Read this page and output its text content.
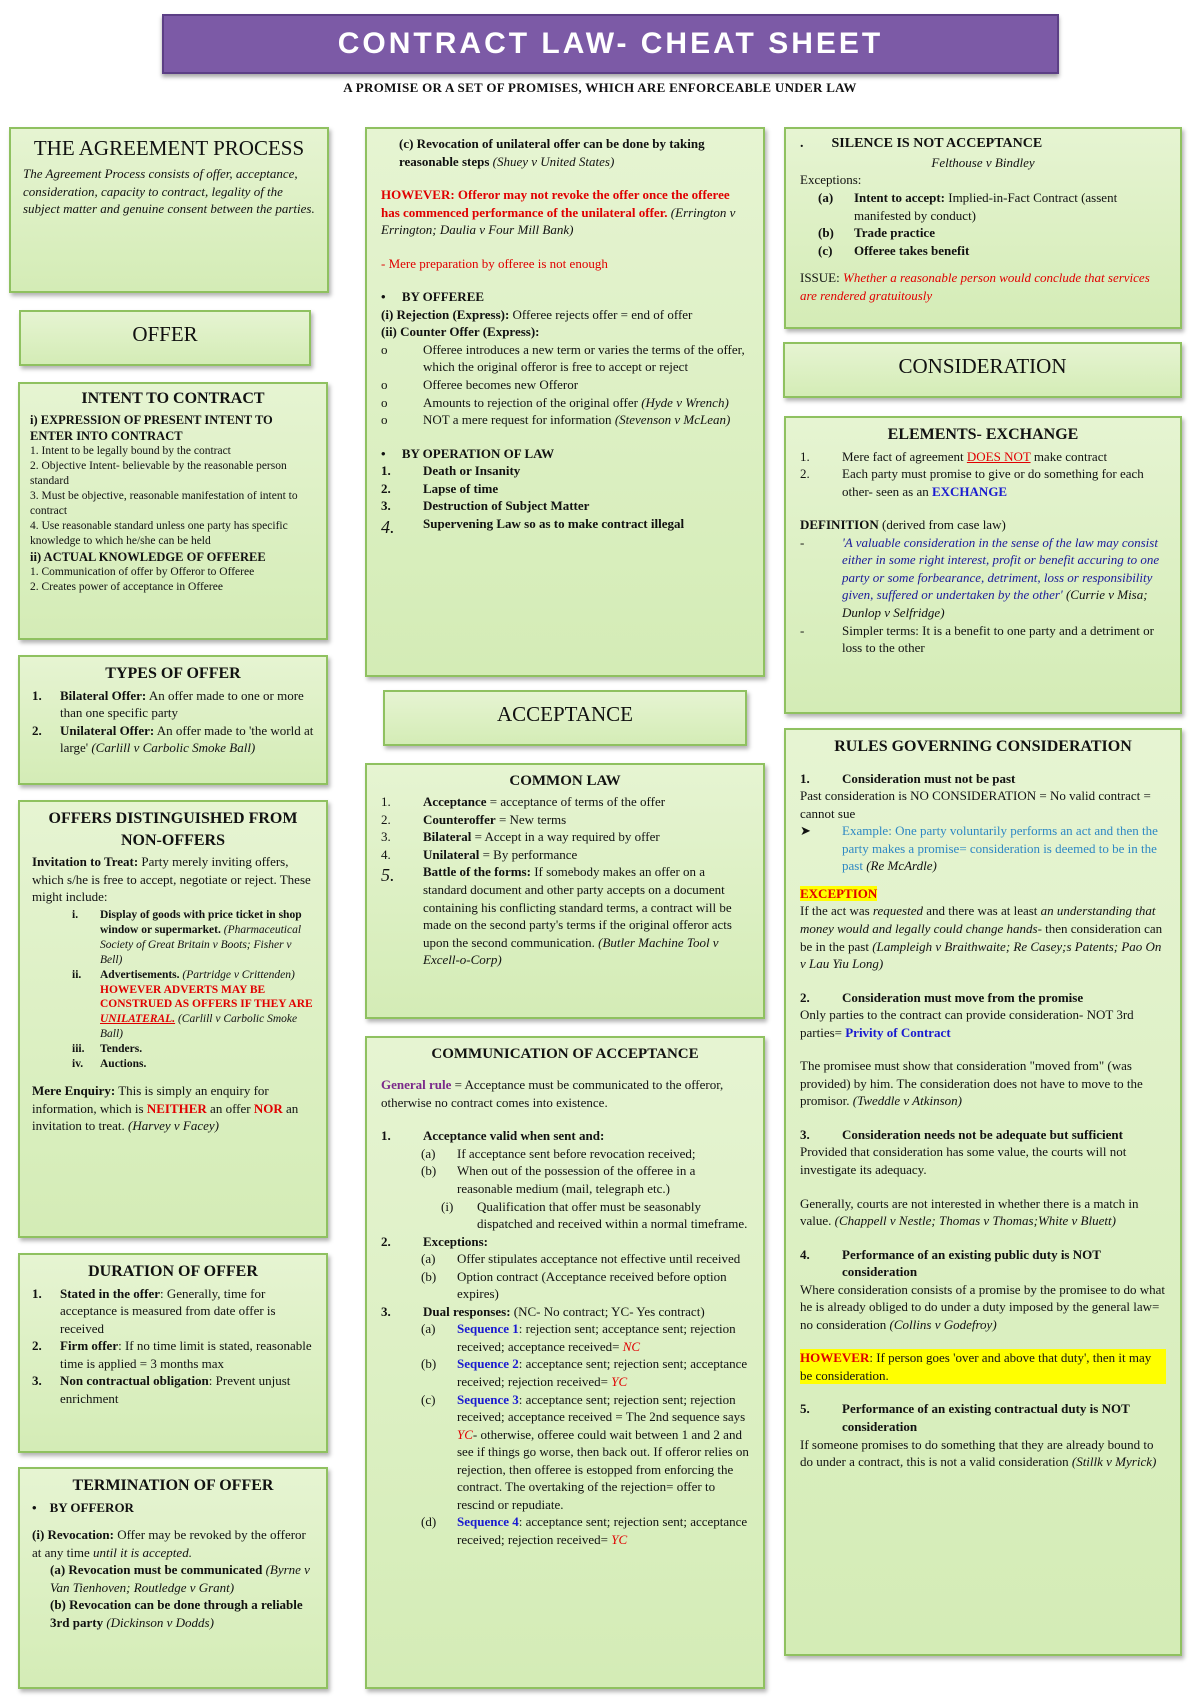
CONTRACT LAW- CHEAT SHEET
A PROMISE OR A SET OF PROMISES, WHICH ARE ENFORCEABLE UNDER LAW
THE AGREEMENT PROCESS
The Agreement Process consists of offer, acceptance, consideration, capacity to contract, legality of the subject matter and genuine consent between the parties.
OFFER
INTENT TO CONTRACT
i) EXPRESSION OF PRESENT INTENT TO ENTER INTO CONTRACT
1. Intent to be legally bound by the contract
2. Objective Intent- believable by the reasonable person standard
3. Must be objective, reasonable manifestation of intent to contract
4. Use reasonable standard unless one party has specific knowledge to which he/she can be held
ii) ACTUAL KNOWLEDGE OF OFFEREE
1. Communication of offer by Offeror to Offeree
2. Creates power of acceptance in Offeree
TYPES OF OFFER
1.	Bilateral Offer: An offer made to one or more than one specific party
2.	Unilateral Offer: An offer made to 'the world at large' (Carlill v Carbolic Smoke Ball)
OFFERS DISTINGUISHED FROM NON-OFFERS
Invitation to Treat: Party merely inviting offers, which s/he is free to accept, negotiate or reject. These might include:
i.	Display of goods with price ticket in shop window or supermarket. (Pharmaceutical Society of Great Britain v Boots; Fisher v Bell)
ii.	Advertisements. (Partridge v Crittenden) HOWEVER ADVERTS MAY BE CONSTRUED AS OFFERS IF THEY ARE UNILATERAL. (Carlill v Carbolic Smoke Ball)
iii.	Tenders.
iv.	Auctions.
Mere Enquiry: This is simply an enquiry for information, which is NEITHER an offer NOR an invitation to treat. (Harvey v Facey)
DURATION OF OFFER
1.	Stated in the offer: Generally, time for acceptance is measured from date offer is received
2.	Firm offer: If no time limit is stated, reasonable time is applied = 3 months max
3.	Non contractual obligation: Prevent unjust enrichment
TERMINATION OF OFFER
•    BY OFFEROR
(i) Revocation: Offer may be revoked by the offeror at any time until it is accepted.
(a) Revocation must be communicated (Byrne v Van Tienhoven; Routledge v Grant)
(b) Revocation can be done through a reliable 3rd party (Dickinson v Dodds)
(c) Revocation of unilateral offer can be done by taking reasonable steps (Shuey v United States)
HOWEVER: Offeror may not revoke the offer once the offeree has commenced performance of the unilateral offer. (Errington v Errington; Daulia v Four Mill Bank)
- Mere preparation by offeree is not enough
•     BY OFFEREE
(i) Rejection (Express): Offeree rejects offer = end of offer
(ii) Counter Offer (Express):
o	Offeree introduces a new term or varies the terms of the offer, which the original offeror is free to accept or reject
o	Offeree becomes new Offeror
o	Amounts to rejection of the original offer (Hyde v Wrench)
o	NOT a mere request for information (Stevenson v McLean)
•     BY OPERATION OF LAW
1.	Death or Insanity
2.	Lapse of time
3.	Destruction of Subject Matter
4.	Supervening Law so as to make contract illegal
ACCEPTANCE
COMMON LAW
1.	Acceptance = acceptance of terms of the offer
2.	Counteroffer = New terms
3.	Bilateral = Accept in a way required by offer
4.	Unilateral = By performance
5.	Battle of the forms: If somebody makes an offer on a standard document and other party accepts on a document containing his conflicting standard terms, a contract will be made on the second party's terms if the original offeror acts upon the second communication. (Butler Machine Tool v Excell-o-Corp)
COMMUNICATION OF ACCEPTANCE
General rule = Acceptance must be communicated to the offeror, otherwise no contract comes into existence.
1.	Acceptance valid when sent and:
(a)	If acceptance sent before revocation received;
(b)	When out of the possession of the offeree in a reasonable medium (mail, telegraph etc.)
(i)	Qualification that offer must be seasonably dispatched and received within a normal timeframe.
2.	Exceptions:
(a)	Offer stipulates acceptance not effective until received
(b)	Option contract (Acceptance received before option expires)
3.	Dual responses: (NC- No contract; YC- Yes contract)
(a)	Sequence 1: rejection sent; acceptance sent; rejection received; acceptance received= NC
(b)	Sequence 2: acceptance sent; rejection sent; acceptance received; rejection received= YC
(c)	Sequence 3: acceptance sent; rejection sent; rejection received; acceptance received = The 2nd sequence says YC- otherwise, offeree could wait between 1 and 2 and see if things go worse, then back out. If offeror relies on rejection, then offeree is estopped from enforcing the contract. The overtaking of the rejection= offer to rescind or repudiate.
(d)	Sequence 4: acceptance sent; rejection sent; acceptance received; rejection received= YC
.        SILENCE IS NOT ACCEPTANCE
Felthouse v Bindley
Exceptions:
(a)	Intent to accept: Implied-in-Fact Contract (assent manifested by conduct)
(b)	Trade practice
(c)	Offeree takes benefit
ISSUE: Whether a reasonable person would conclude that services are rendered gratuitously
CONSIDERATION
ELEMENTS- EXCHANGE
1.	Mere fact of agreement DOES NOT make contract
2.	Each party must promise to give or do something for each other- seen as an EXCHANGE
DEFINITION (derived from case law)
-	'A valuable consideration in the sense of the law may consist either in some right interest, profit or benefit accuring to one party or some forbearance, detriment, loss or responsibility given, suffered or undertaken by the other' (Currie v Misa; Dunlop v Selfridge)
-	Simpler terms: It is a benefit to one party and a detriment or loss to the other
RULES GOVERNING CONSIDERATION
1.	Consideration must not be past
Past consideration is NO CONSIDERATION = No valid contract = cannot sue
➤	Example: One party voluntarily performs an act and then the party makes a promise= consideration is deemed to be in the past (Re McArdle)
EXCEPTION
If the act was requested and there was at least an understanding that money would and legally could change hands- then consideration can be in the past (Lampleigh v Braithwaite; Re Casey;s Patents; Pao On v Lau Yiu Long)
2.	Consideration must move from the promise
Only parties to the contract can provide consideration- NOT 3rd parties= Privity of Contract
The promisee must show that consideration "moved from" (was provided) by him. The consideration does not have to move to the promisor. (Tweddle v Atkinson)
3.	Consideration needs not be adequate but sufficient
Provided that consideration has some value, the courts will not investigate its adequacy.
Generally, courts are not interested in whether there is a match in value. (Chappell v Nestle; Thomas v Thomas;White v Bluett)
4.	Performance of an existing public duty is NOT consideration
Where consideration consists of a promise by the promisee to do what he is already obliged to do under a duty imposed by the general law= no consideration (Collins v Godefroy)
HOWEVER: If person goes 'over and above that duty', then it may be consideration.
5.	Performance of an existing contractual duty is NOT consideration
If someone promises to do something that they are already bound to do under a contract, this is not a valid consideration (Stillk v Myrick)
